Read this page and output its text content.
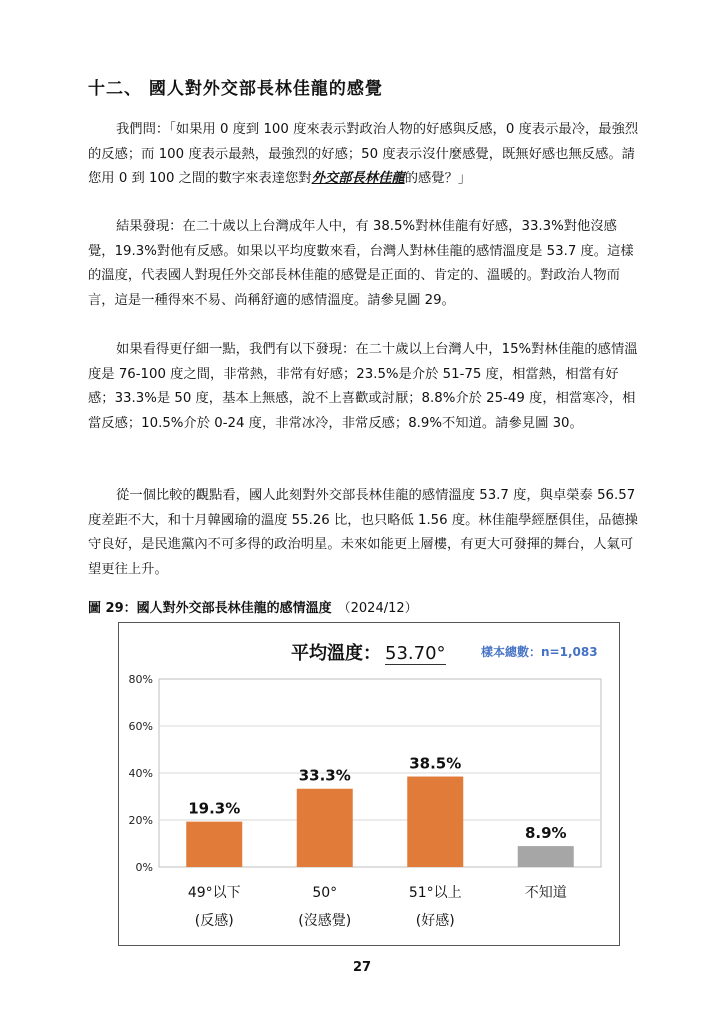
十二、 國人對外交部長林佳龍的感覺

我們問：「如果用 0 度到 100 度來表示對政治人物的好感與反感，0 度表示最冷，最強烈的反感；而 100 度表示最熱，最強烈的好感；50 度表示沒什麼感覺，既無好感也無反感。請您用 0 到 100 之間的數字來表達您對外交部長林佳龍的感覺？」

結果發現：在二十歲以上台灣成年人中，有 38.5%對林佳龍有好感，33.3%對他沒感覺，19.3%對他有反感。如果以平均度數來看，台灣人對林佳龍的感情溫度是 53.7 度。這樣的溫度，代表國人對現任外交部長林佳龍的感覺是正面的、肯定的、溫暖的。對政治人物而言，這是一種得來不易、尚稱舒適的感情溫度。請參見圖 29。

如果看得更仔細一點，我們有以下發現：在二十歲以上台灣人中，15%對林佳龍的感情溫度是 76-100 度之間，非常熱，非常有好感；23.5%是介於 51-75 度，相當熱，相當有好感；33.3%是 50 度，基本上無感，說不上喜歡或討厭；8.8%介於 25-49 度，相當寒冷，相當反感；10.5%介於 0-24 度，非常冰冷，非常反感；8.9%不知道。請參見圖 30。

從一個比較的觀點看，國人此刻對外交部長林佳龍的感情溫度 53.7 度，與卓榮泰 56.57 度差距不大，和十月韓國瑜的溫度 55.26 比，也只略低 1.56 度。林佳龍學經歷俱佳，品德操守良好，是民進黨內不可多得的政治明星。未來如能更上層樓，有更大可發揮的舞台，人氣可望更往上升。

圖 29：國人對外交部長林佳龍的感情溫度 （2024/12）
平均溫度： 53.70°	樣本總數：n=1,083
0%
20%
40%
60%
80%
19.3%
49°以下
(反感)
33.3%
50°
(沒感覺)
38.5%
51°以上
(好感)
8.9%
不知道
27
